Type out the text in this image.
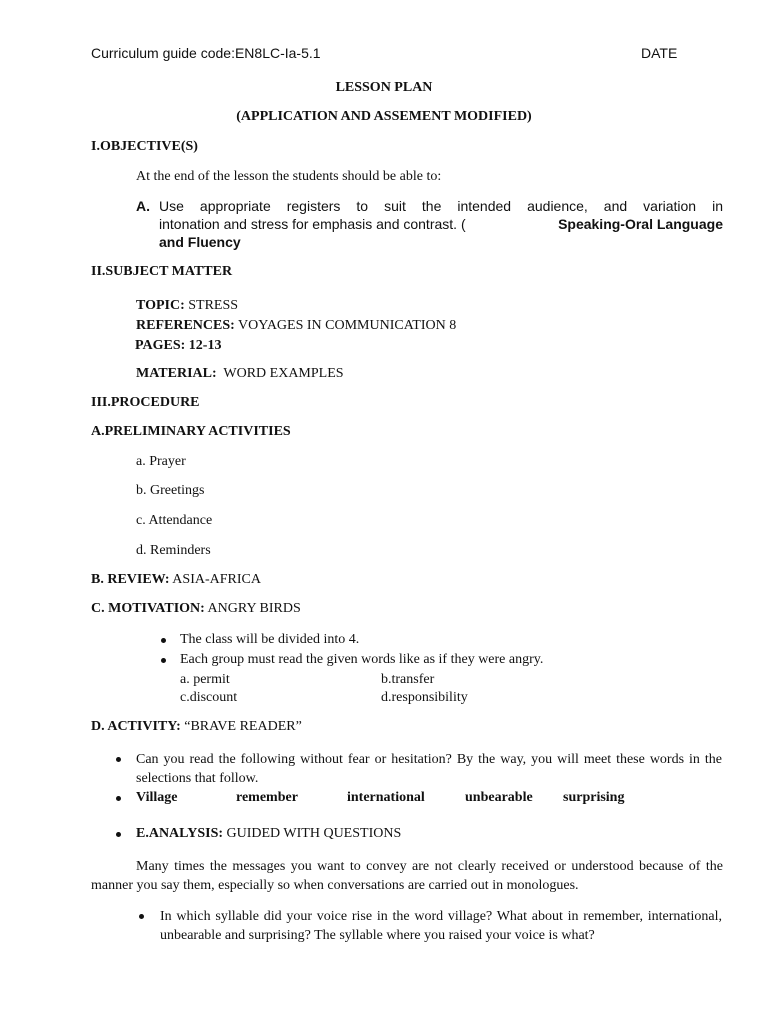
Curriculum guide code:EN8LC-Ia-5.1	DATE
LESSON PLAN
(APPLICATION AND ASSEMENT MODIFIED)
I.OBJECTIVE(S)
At the end of the lesson the students should be able to:
A. Use appropriate registers to suit the intended audience, and variation in
intonation and stress for emphasis and contrast. (	Speaking-Oral Language
and Fluency
II.SUBJECT MATTER
TOPIC: STRESS
REFERENCES: VOYAGES IN COMMUNICATION 8
PAGES: 12-13
MATERIAL:  WORD EXAMPLES
III.PROCEDURE
A.PRELIMINARY ACTIVITIES
a. Prayer
b. Greetings
c. Attendance
d. Reminders
B. REVIEW: ASIA-AFRICA
C. MOTIVATION: ANGRY BIRDS
The class will be divided into 4.
Each group must read the given words like as if they were angry.
a. permit	b.transfer
c.discount	d.responsibility
D. ACTIVITY: “BRAVE READER”
Can you read the following without fear or hesitation? By the way, you will meet these words in the selections that follow.
Village	remember	international	unbearable surprising
E.ANALYSIS: GUIDED WITH QUESTIONS
Many times the messages you want to convey are not clearly received or understood because of the manner you say them, especially so when conversations are carried out in monologues.
In which syllable did your voice rise in the word village? What about in remember, international, unbearable and surprising? The syllable where you raised your voice is what?
